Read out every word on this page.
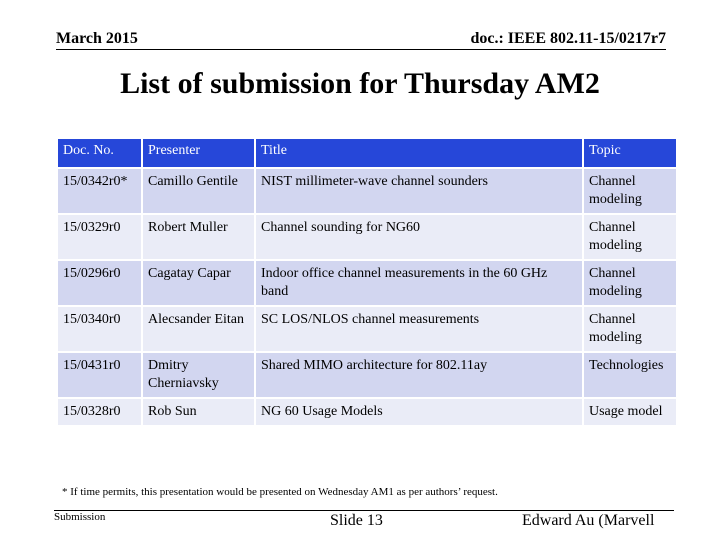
March 2015	doc.: IEEE 802.11-15/0217r7
List of submission for Thursday AM2
Doc. No.	Presenter	Title	Topic
15/0342r0*	Camillo Gentile	NIST millimeter-wave channel sounders	Channel modeling
15/0329r0	Robert Muller	Channel sounding for NG60	Channel modeling
15/0296r0	Cagatay Capar	Indoor office channel measurements in the 60 GHz band	Channel modeling
15/0340r0	Alecsander Eitan	SC LOS/NLOS channel measurements	Channel modeling
15/0431r0	Dmitry Cherniavsky	Shared MIMO architecture for 802.11ay	Technologies
15/0328r0	Rob Sun	NG 60 Usage Models	Usage model
* If time permits, this presentation would be presented on Wednesday AM1 as per authors’ request.
Submission	Slide 13	Edward Au (Marvell
